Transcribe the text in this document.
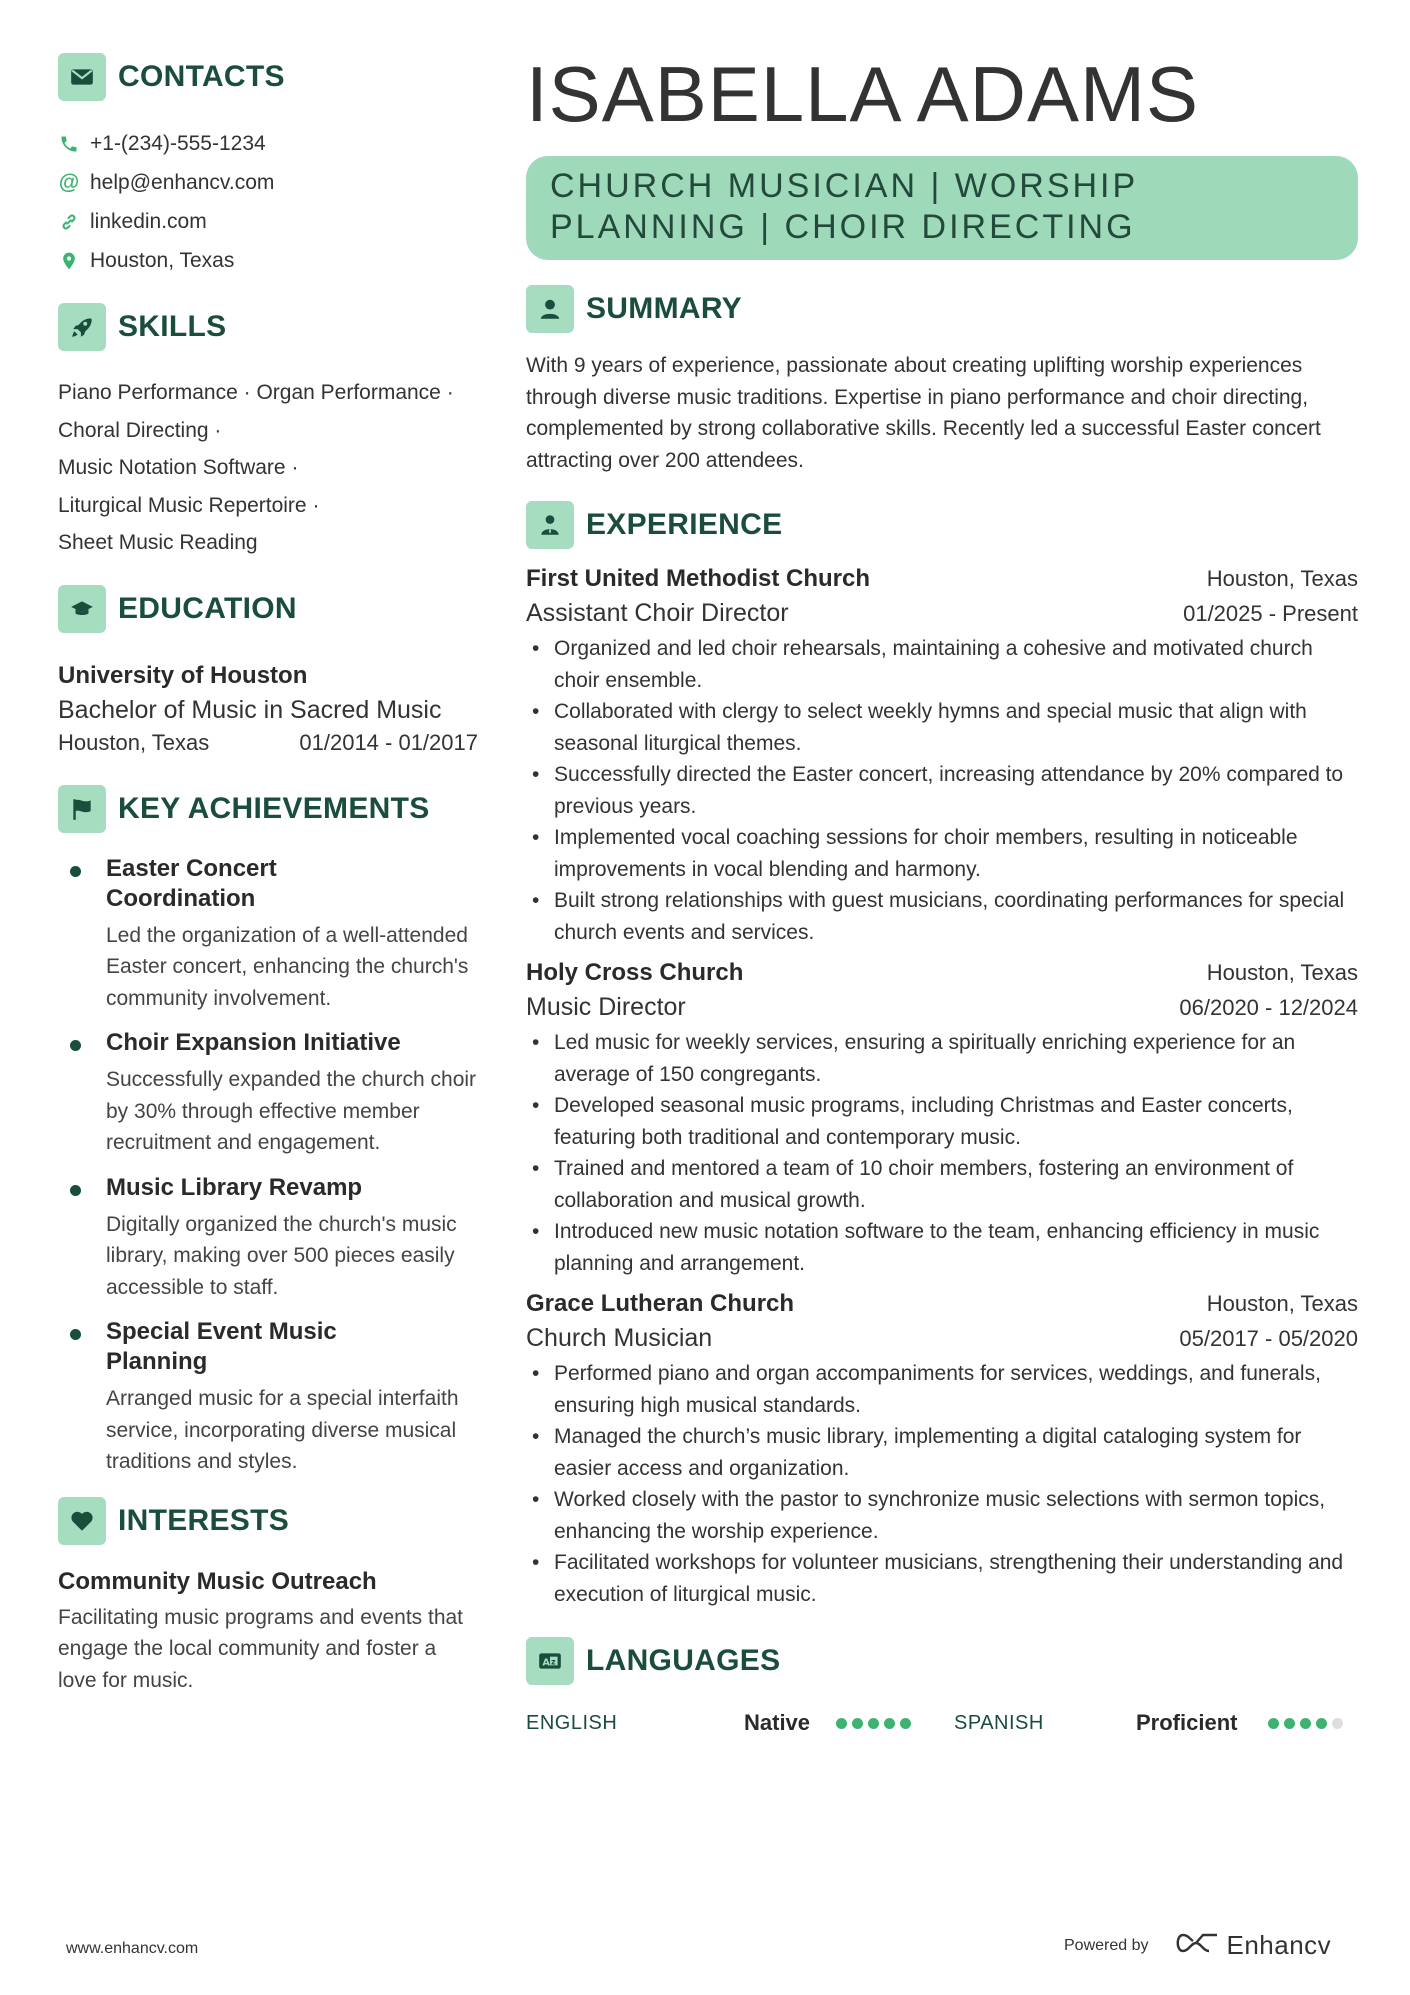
CONTACTS
+1-(234)-555-1234
@ help@enhancv.com
linkedin.com
Houston, Texas
SKILLS
Piano Performance · Organ Performance ·
Choral Directing ·
Music Notation Software ·
Liturgical Music Repertoire ·
Sheet Music Reading
EDUCATION
University of Houston
Bachelor of Music in Sacred Music
Houston, Texas	01/2014 - 01/2017
KEY ACHIEVEMENTS
Easter Concert Coordination
Led the organization of a well-attended Easter concert, enhancing the church's community involvement.
Choir Expansion Initiative
Successfully expanded the church choir by 30% through effective member recruitment and engagement.
Music Library Revamp
Digitally organized the church's music library, making over 500 pieces easily accessible to staff.
Special Event Music Planning
Arranged music for a special interfaith service, incorporating diverse musical traditions and styles.
INTERESTS
Community Music Outreach
Facilitating music programs and events that engage the local community and foster a love for music.
ISABELLA ADAMS
CHURCH MUSICIAN | WORSHIP
PLANNING | CHOIR DIRECTING
SUMMARY
With 9 years of experience, passionate about creating uplifting worship experiences through diverse music traditions. Expertise in piano performance and choir directing, complemented by strong collaborative skills. Recently led a successful Easter concert attracting over 200 attendees.
EXPERIENCE
First United Methodist Church	Houston, Texas
Assistant Choir Director	01/2025 - Present
• Organized and led choir rehearsals, maintaining a cohesive and motivated church choir ensemble.
• Collaborated with clergy to select weekly hymns and special music that align with seasonal liturgical themes.
• Successfully directed the Easter concert, increasing attendance by 20% compared to previous years.
• Implemented vocal coaching sessions for choir members, resulting in noticeable improvements in vocal blending and harmony.
• Built strong relationships with guest musicians, coordinating performances for special church events and services.
Holy Cross Church	Houston, Texas
Music Director	06/2020 - 12/2024
• Led music for weekly services, ensuring a spiritually enriching experience for an average of 150 congregants.
• Developed seasonal music programs, including Christmas and Easter concerts, featuring both traditional and contemporary music.
• Trained and mentored a team of 10 choir members, fostering an environment of collaboration and musical growth.
• Introduced new music notation software to the team, enhancing efficiency in music planning and arrangement.
Grace Lutheran Church	Houston, Texas
Church Musician	05/2017 - 05/2020
• Performed piano and organ accompaniments for services, weddings, and funerals, ensuring high musical standards.
• Managed the church’s music library, implementing a digital cataloging system for easier access and organization.
• Worked closely with the pastor to synchronize music selections with sermon topics, enhancing the worship experience.
• Facilitated workshops for volunteer musicians, strengthening their understanding and execution of liturgical music.
A z LANGUAGES
ENGLISH	Native	SPANISH	Proficient
www.enhancv.com	Powered by	Enhancv
